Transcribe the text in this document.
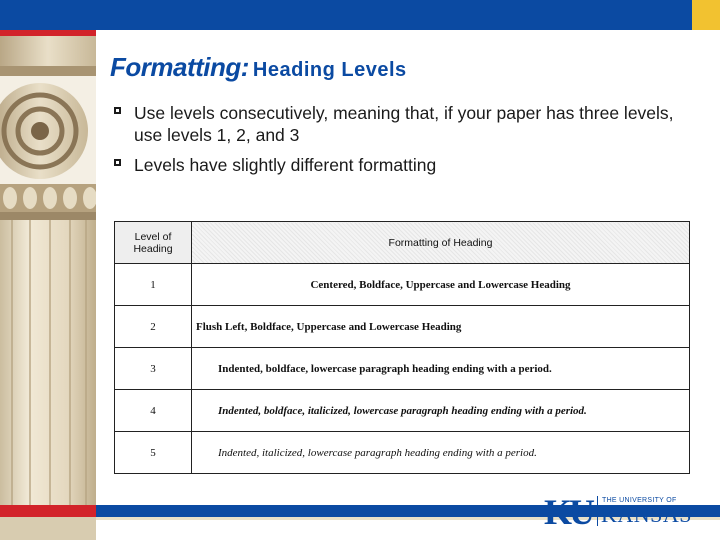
Formatting: Heading Levels
Use levels consecutively, meaning that, if your paper has three levels, use levels 1, 2, and 3
Levels have slightly different formatting
Level of Heading	Formatting of Heading
1	Centered, Boldface, Uppercase and Lowercase Heading
2	Flush Left, Boldface, Uppercase and Lowercase Heading
3	Indented, boldface, lowercase paragraph heading ending with a period.
4	Indented, boldface, italicized, lowercase paragraph heading ending with a period.
5	Indented, italicized, lowercase paragraph heading ending with a period.
KU THE UNIVERSITY OF
KANSAS
